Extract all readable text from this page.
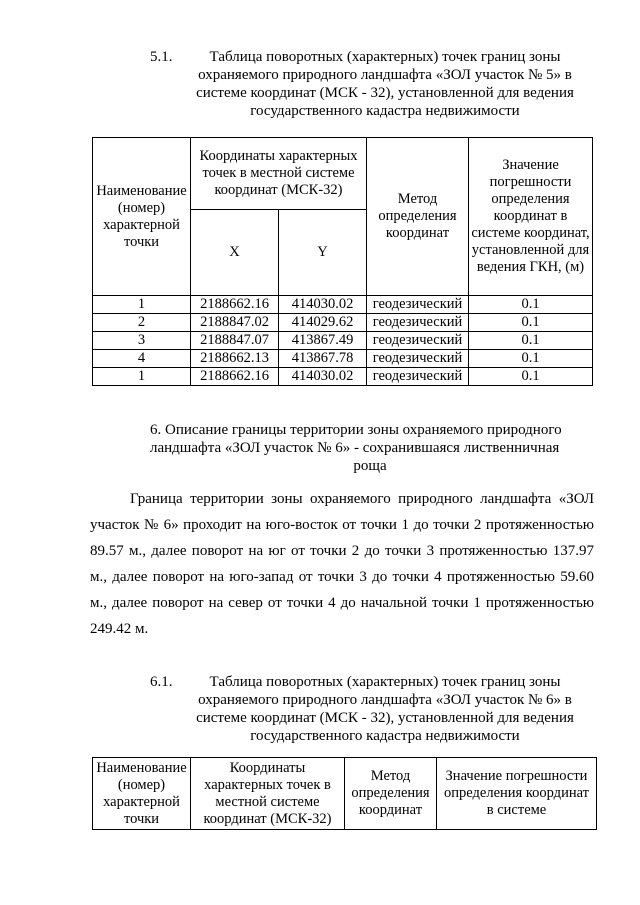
5.1.	Таблица поворотных (характерных) точек границ зоны
охраняемого природного ландшафта «ЗОЛ участок № 5» в
системе координат (МСК - 32), установленной для ведения
государственного кадастра недвижимости
Наименование (номер) характерной точки	Координаты характерных точек в местной системе координат (МСК-32)		Метод определения координат	Значение погрешности определения координат в системе координат, установленной для ведения ГКН, (м)
	X	Y		
1	2188662.16	414030.02	геодезический	0.1
2	2188847.02	414029.62	геодезический	0.1
3	2188847.07	413867.49	геодезический	0.1
4	2188662.13	413867.78	геодезический	0.1
1	2188662.16	414030.02	геодезический	0.1
6. Описание границы территории зоны охраняемого природного
ландшафта «ЗОЛ участок № 6» - сохранившаяся лиственничная
роща
Граница территории зоны охраняемого природного ландшафта «ЗОЛ участок № 6» проходит на юго-восток от точки 1 до точки 2 протяженностью 89.57 м., далее поворот на юг от точки 2 до точки 3 протяженностью 137.97 м., далее поворот на юго-запад от точки 3 до точки 4 протяженностью 59.60 м., далее поворот на север от точки 4 до начальной точки 1 протяженностью 249.42 м.
6.1.	Таблица поворотных (характерных) точек границ зоны
охраняемого природного ландшафта «ЗОЛ участок № 6» в
системе координат (МСК - 32), установленной для ведения
государственного кадастра недвижимости
Наименование (номер) характерной точки	Координаты характерных точек в местной системе координат (МСК-32)	Метод определения координат	Значение погрешности определения координат в системе
